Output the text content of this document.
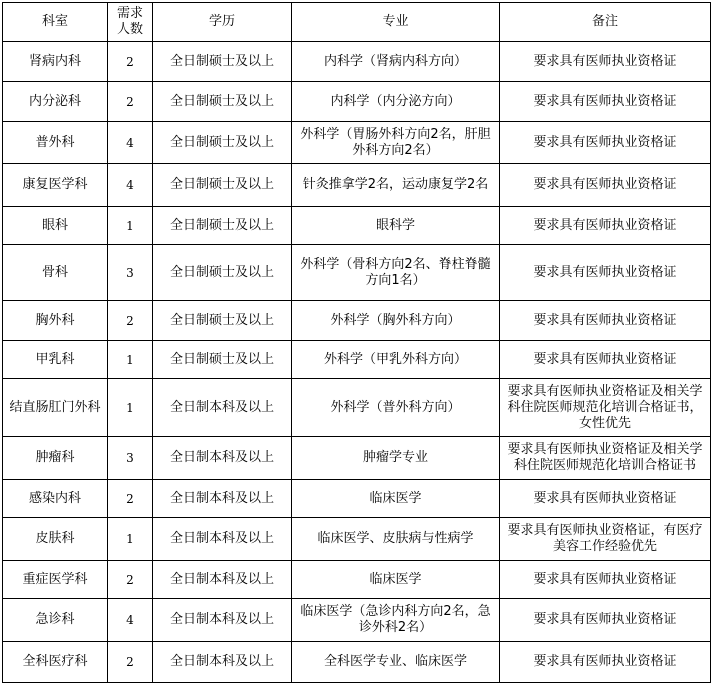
科室	需求人数	学历	专业	备注
肾病内科	2	全日制硕士及以上	内科学（肾病内科方向）	要求具有医师执业资格证
内分泌科	2	全日制硕士及以上	内科学（内分泌方向）	要求具有医师执业资格证
普外科	4	全日制硕士及以上	外科学（胃肠外科方向2名，肝胆外科方向2名）	要求具有医师执业资格证
康复医学科	4	全日制硕士及以上	针灸推拿学2名，运动康复学2名	要求具有医师执业资格证
眼科	1	全日制硕士及以上	眼科学	要求具有医师执业资格证
骨科	3	全日制硕士及以上	外科学（骨科方向2名、脊柱脊髓方向1名）	要求具有医师执业资格证
胸外科	2	全日制硕士及以上	外科学（胸外科方向）	要求具有医师执业资格证
甲乳科	1	全日制硕士及以上	外科学（甲乳外科方向）	要求具有医师执业资格证
结直肠肛门外科	1	全日制本科及以上	外科学（普外科方向）	要求具有医师执业资格证及相关学科住院医师规范化培训合格证书，女性优先
肿瘤科	3	全日制本科及以上	肿瘤学专业	要求具有医师执业资格证及相关学科住院医师规范化培训合格证书
感染内科	2	全日制本科及以上	临床医学	要求具有医师执业资格证
皮肤科	1	全日制本科及以上	临床医学、皮肤病与性病学	要求具有医师执业资格证，有医疗美容工作经验优先
重症医学科	2	全日制本科及以上	临床医学	要求具有医师执业资格证
急诊科	4	全日制本科及以上	临床医学（急诊内科方向2名，急诊外科2名）	要求具有医师执业资格证
全科医疗科	2	全日制本科及以上	全科医学专业、临床医学	要求具有医师执业资格证
